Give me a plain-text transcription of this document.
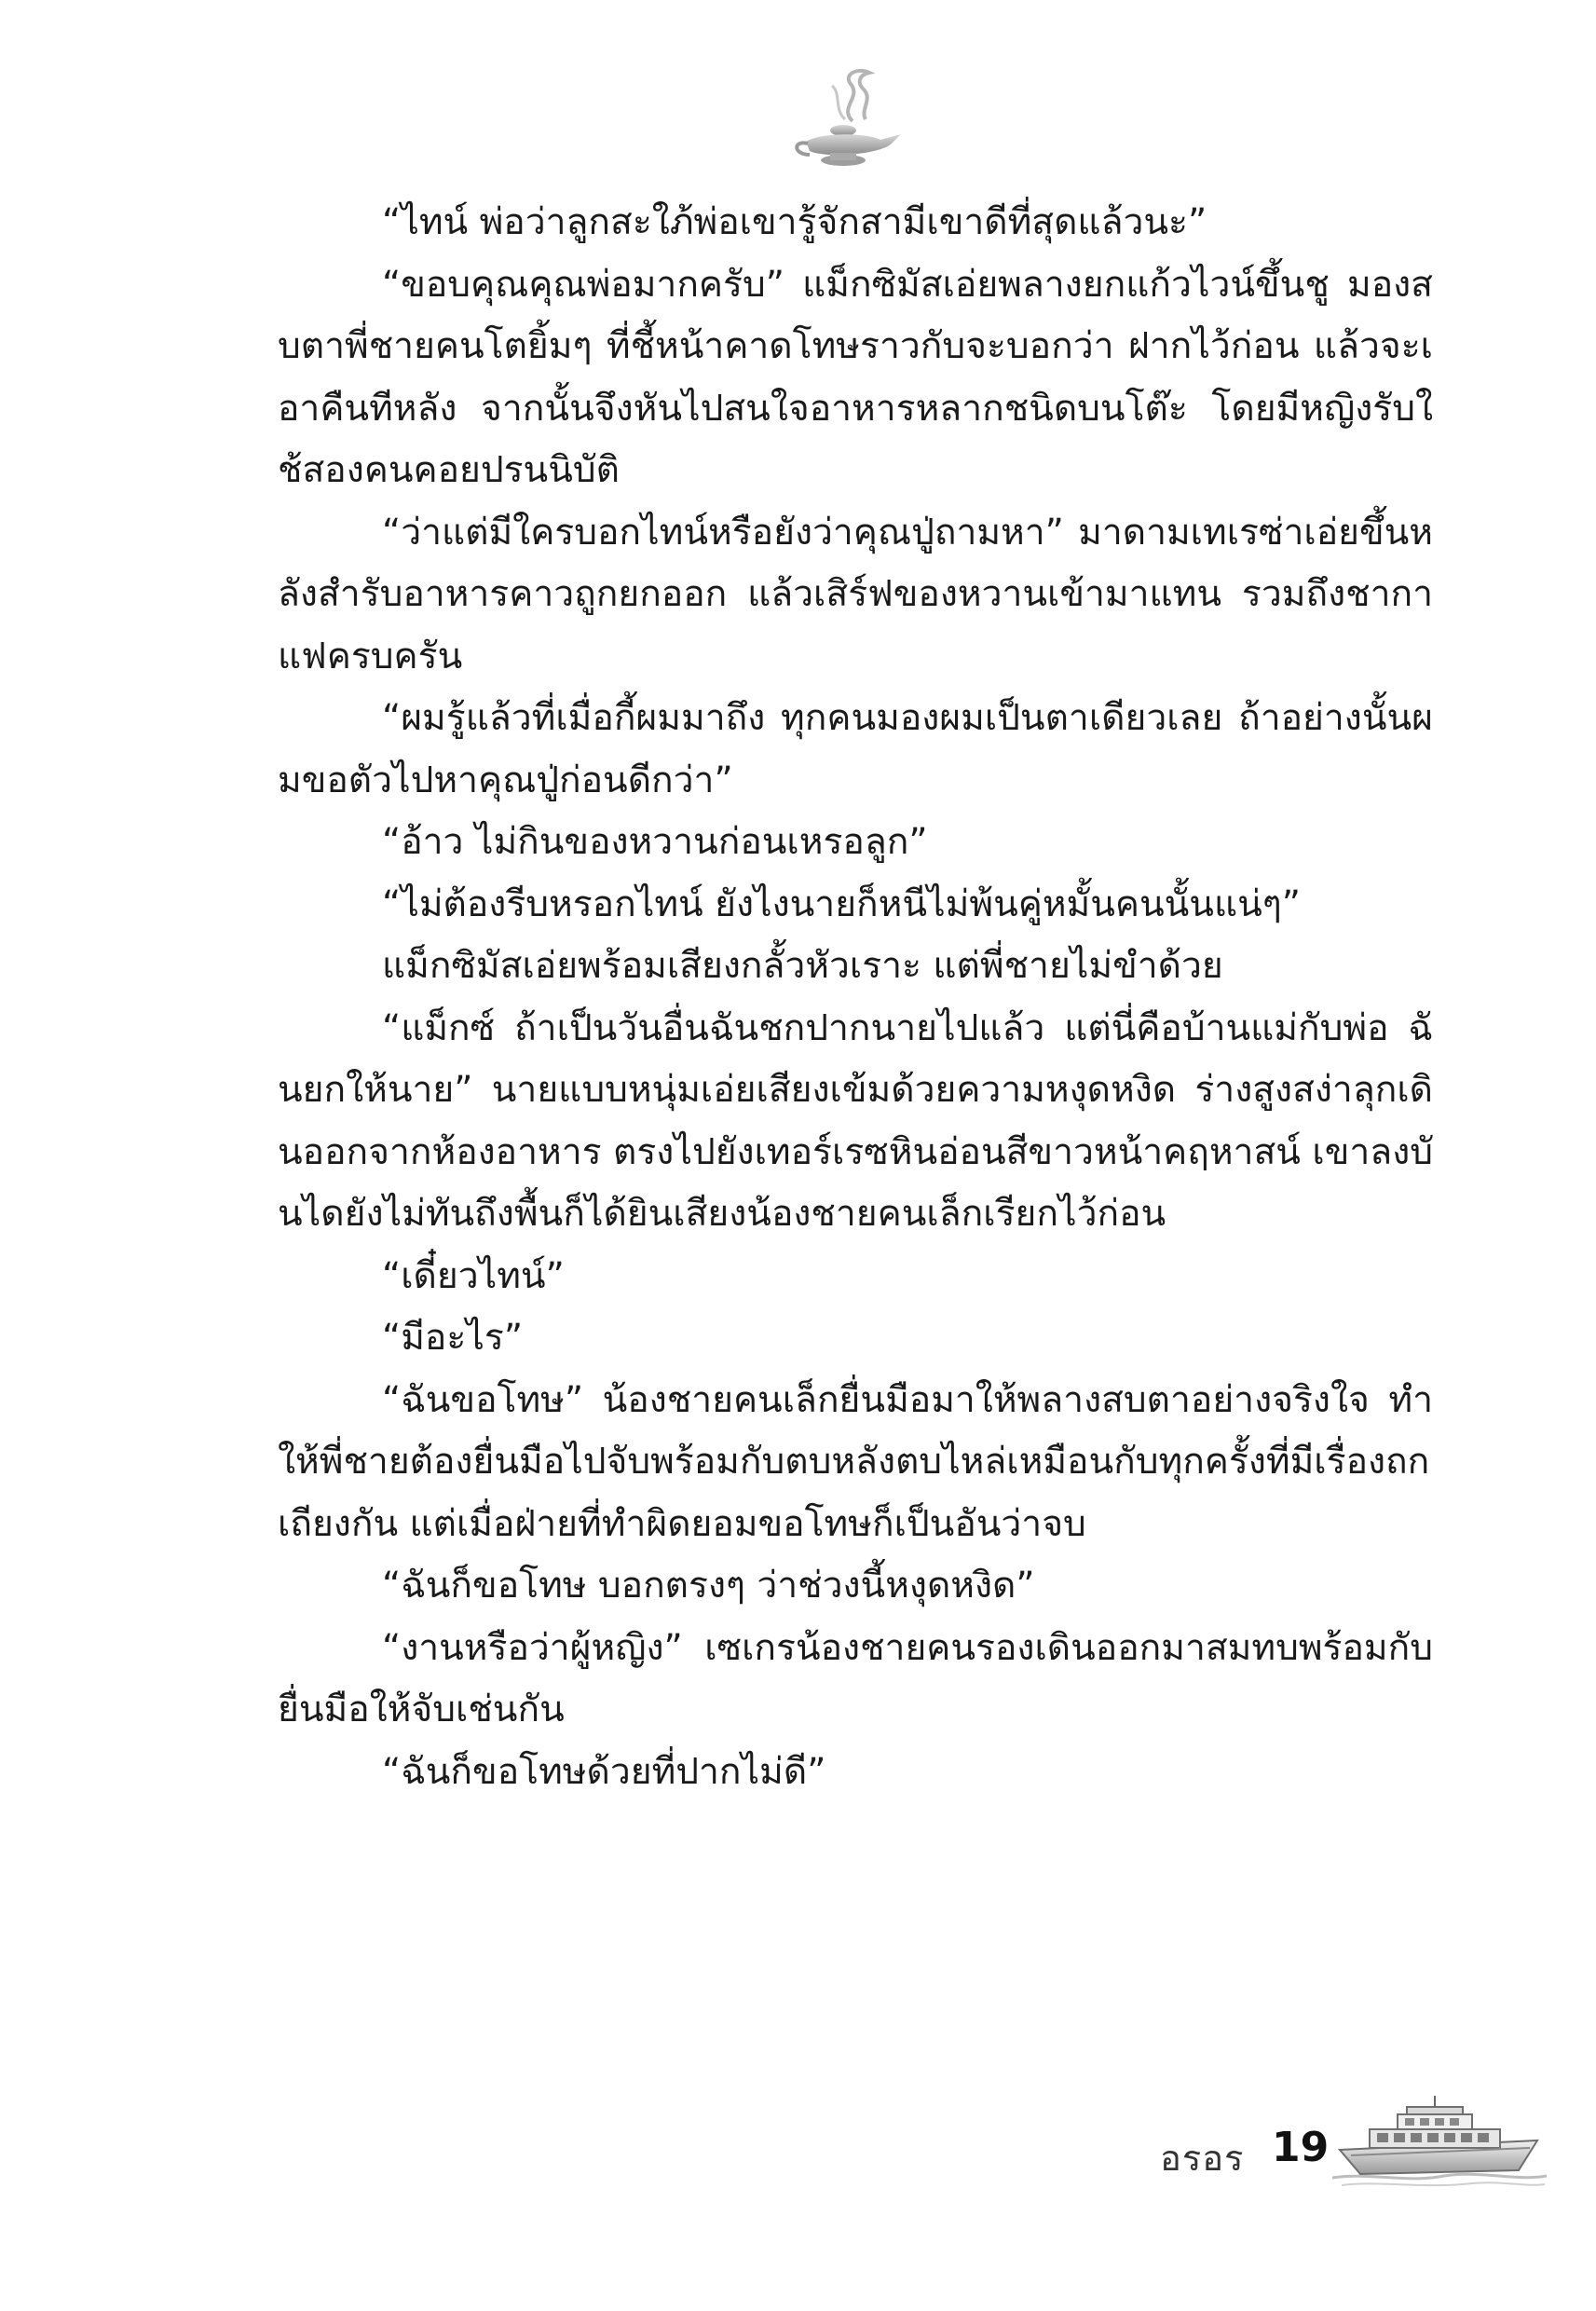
“ไทน์ พ่อว่าลูกสะใภ้พ่อเขารู้จักสามีเขาดีที่สุดแล้วนะ”

“ขอบคุณคุณพ่อมากครับ” แม็กซิมัสเอ่ยพลางยกแก้วไวน์ขึ้นชู มองสบตาพี่ชายคนโตยิ้มๆ ที่ชี้หน้าคาดโทษราวกับจะบอกว่า ฝากไว้ก่อน แล้วจะเอาคืนทีหลัง จากนั้นจึงหันไปสนใจอาหารหลากชนิดบนโต๊ะ โดยมีหญิงรับใช้สองคนคอยปรนนิบัติ

“ว่าแต่มีใครบอกไทน์หรือยังว่าคุณปู่ถามหา” มาดามเทเรซ่าเอ่ยขึ้นหลังสำรับอาหารคาวถูกยกออก แล้วเสิร์ฟของหวานเข้ามาแทน รวมถึงชากาแฟครบครัน

“ผมรู้แล้วที่เมื่อกี้ผมมาถึง ทุกคนมองผมเป็นตาเดียวเลย ถ้าอย่างนั้นผมขอตัวไปหาคุณปู่ก่อนดีกว่า”

“อ้าว ไม่กินของหวานก่อนเหรอลูก”

“ไม่ต้องรีบหรอกไทน์ ยังไงนายก็หนีไม่พ้นคู่หมั้นคนนั้นแน่ๆ”

แม็กซิมัสเอ่ยพร้อมเสียงกลั้วหัวเราะ แต่พี่ชายไม่ขำด้วย

“แม็กซ์ ถ้าเป็นวันอื่นฉันชกปากนายไปแล้ว แต่นี่คือบ้านแม่กับพ่อ ฉันยกให้นาย” นายแบบหนุ่มเอ่ยเสียงเข้มด้วยความหงุดหงิด ร่างสูงสง่าลุกเดินออกจากห้องอาหาร ตรงไปยังเทอร์เรซหินอ่อนสีขาวหน้าคฤหาสน์ เขาลงบันไดยังไม่ทันถึงพื้นก็ได้ยินเสียงน้องชายคนเล็กเรียกไว้ก่อน

“เดี๋ยวไทน์”

“มีอะไร”

“ฉันขอโทษ” น้องชายคนเล็กยื่นมือมาให้พลางสบตาอย่างจริงใจ ทำให้พี่ชายต้องยื่นมือไปจับพร้อมกับตบหลังตบไหล่เหมือนกับทุกครั้งที่มีเรื่องถกเถียงกัน แต่เมื่อฝ่ายที่ทำผิดยอมขอโทษก็เป็นอันว่าจบ

“ฉันก็ขอโทษ บอกตรงๆ ว่าช่วงนี้หงุดหงิด”

“งานหรือว่าผู้หญิง” เซเกรน้องชายคนรองเดินออกมาสมทบพร้อมกับยื่นมือให้จับเช่นกัน

“ฉันก็ขอโทษด้วยที่ปากไม่ดี”

อรอร 19
